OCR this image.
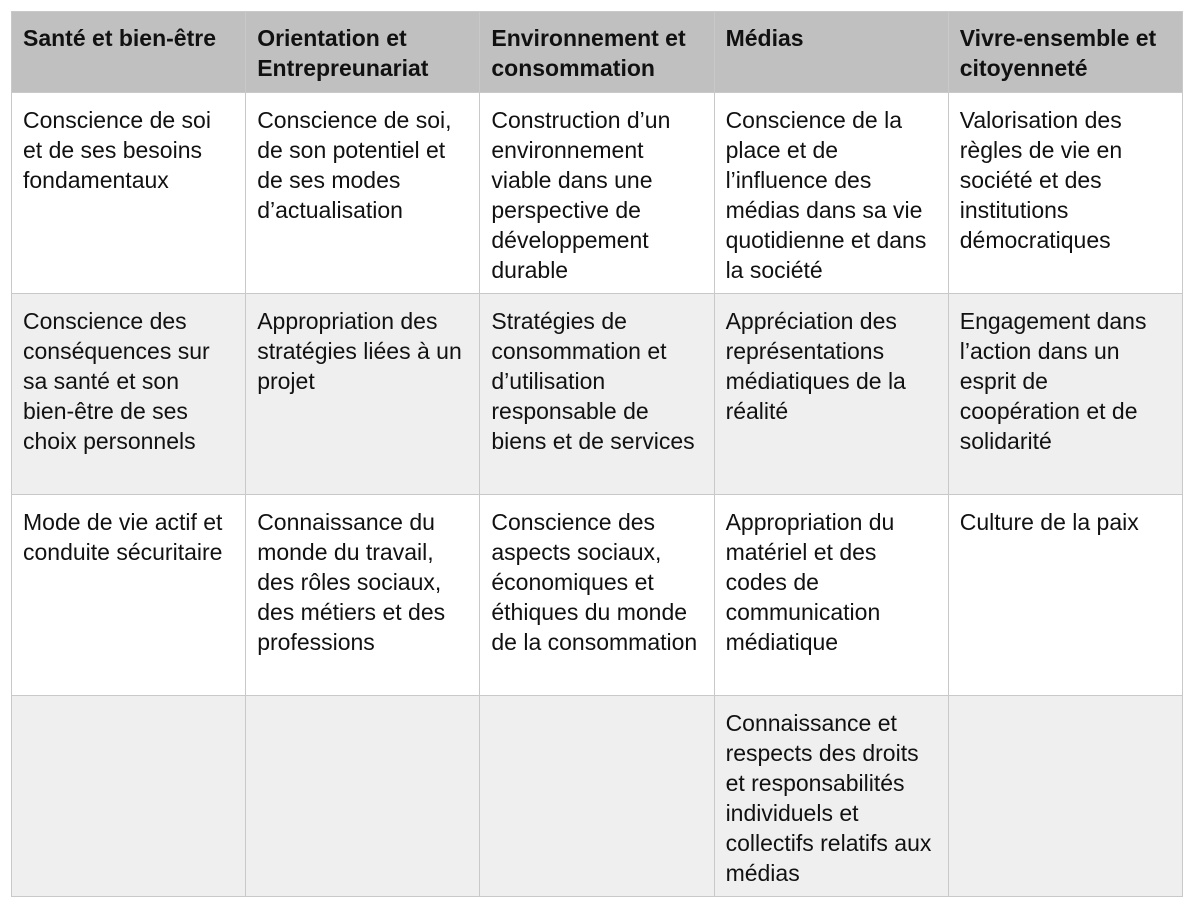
Santé et bien-être	Orientation et Entrepreunariat	Environnement et consommation	Médias	Vivre-ensemble et citoyenneté
Conscience de soi et de ses besoins fondamentaux	Conscience de soi, de son potentiel et de ses modes d’actualisation	Construction d’un environnement viable dans une perspective de développement durable	Conscience de la place et de l’influence des médias dans sa vie quotidienne et dans la société	Valorisation des règles de vie en société et des institutions démocratiques
Conscience des conséquences sur sa santé et son bien-être de ses choix personnels	Appropriation des stratégies liées à un projet	Stratégies de consommation et d’utilisation responsable de biens et de services	Appréciation des représentations médiatiques de la réalité	Engagement dans l’action dans un esprit de coopération et de solidarité
Mode de vie actif et conduite sécuritaire	Connaissance du monde du travail, des rôles sociaux, des métiers et des professions	Conscience des aspects sociaux, économiques et éthiques du monde de la consommation	Appropriation du matériel et des codes de communication médiatique	Culture de la paix
			Connaissance et respects des droits et responsabilités individuels et collectifs relatifs aux médias	
